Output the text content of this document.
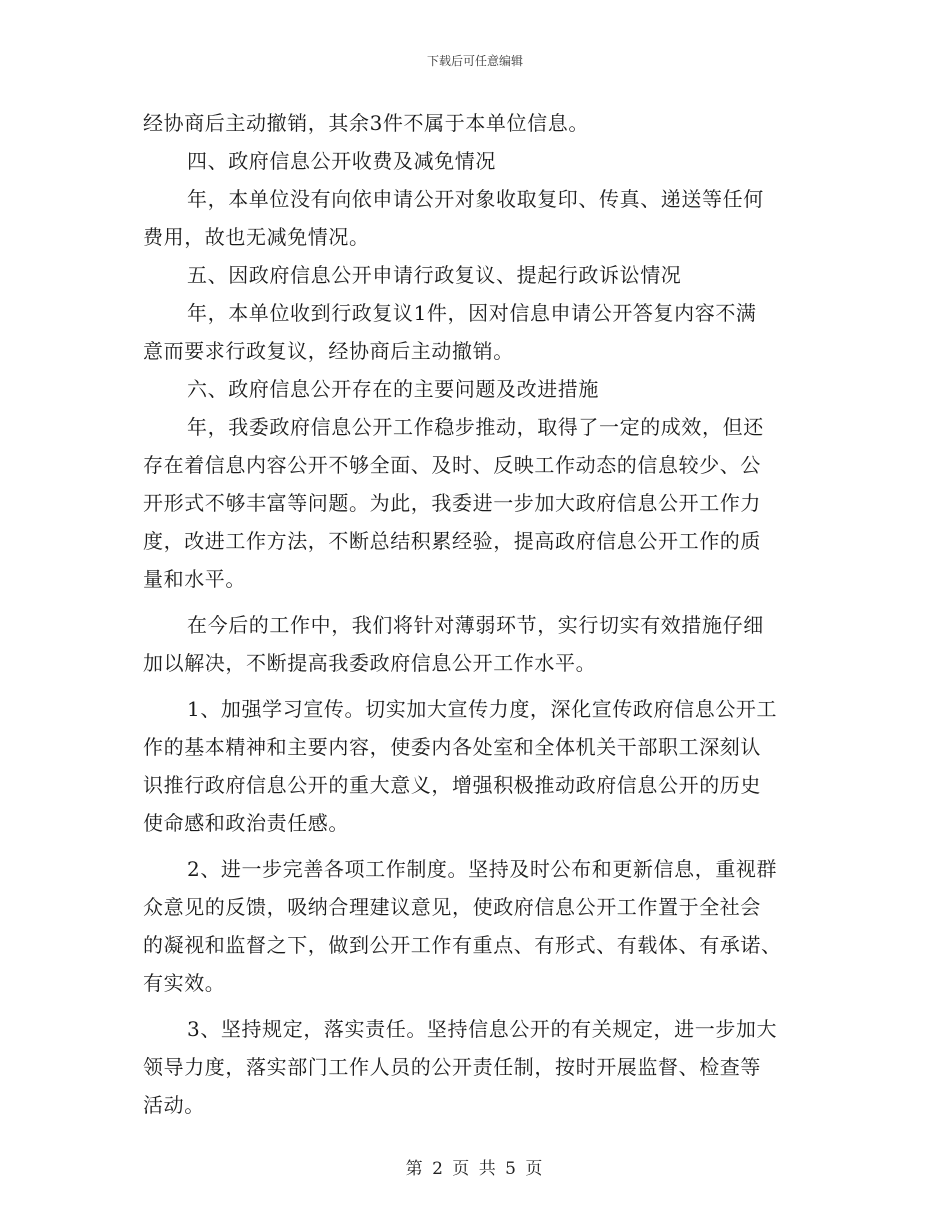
下载后可任意编辑
经协商后主动撤销，其余3件不属于本单位信息。
四、政府信息公开收费及减免情况
年，本单位没有向依申请公开对象收取复印、传真、递送等任何
费用，故也无减免情况。
五、因政府信息公开申请行政复议、提起行政诉讼情况
年，本单位收到行政复议1件，因对信息申请公开答复内容不满
意而要求行政复议，经协商后主动撤销。
六、政府信息公开存在的主要问题及改进措施
年，我委政府信息公开工作稳步推动，取得了一定的成效，但还
存在着信息内容公开不够全面、及时、反映工作动态的信息较少、公
开形式不够丰富等问题。为此，我委进一步加大政府信息公开工作力
度，改进工作方法，不断总结积累经验，提高政府信息公开工作的质
量和水平。
在今后的工作中，我们将针对薄弱环节，实行切实有效措施仔细
加以解决，不断提高我委政府信息公开工作水平。
1、加强学习宣传。切实加大宣传力度，深化宣传政府信息公开工
作的基本精神和主要内容，使委内各处室和全体机关干部职工深刻认
识推行政府信息公开的重大意义，增强积极推动政府信息公开的历史
使命感和政治责任感。
2、进一步完善各项工作制度。坚持及时公布和更新信息，重视群
众意见的反馈，吸纳合理建议意见，使政府信息公开工作置于全社会
的凝视和监督之下，做到公开工作有重点、有形式、有载体、有承诺、
有实效。
3、坚持规定，落实责任。坚持信息公开的有关规定，进一步加大
领导力度，落实部门工作人员的公开责任制，按时开展监督、检查等
活动。
第 2 页 共 5 页
